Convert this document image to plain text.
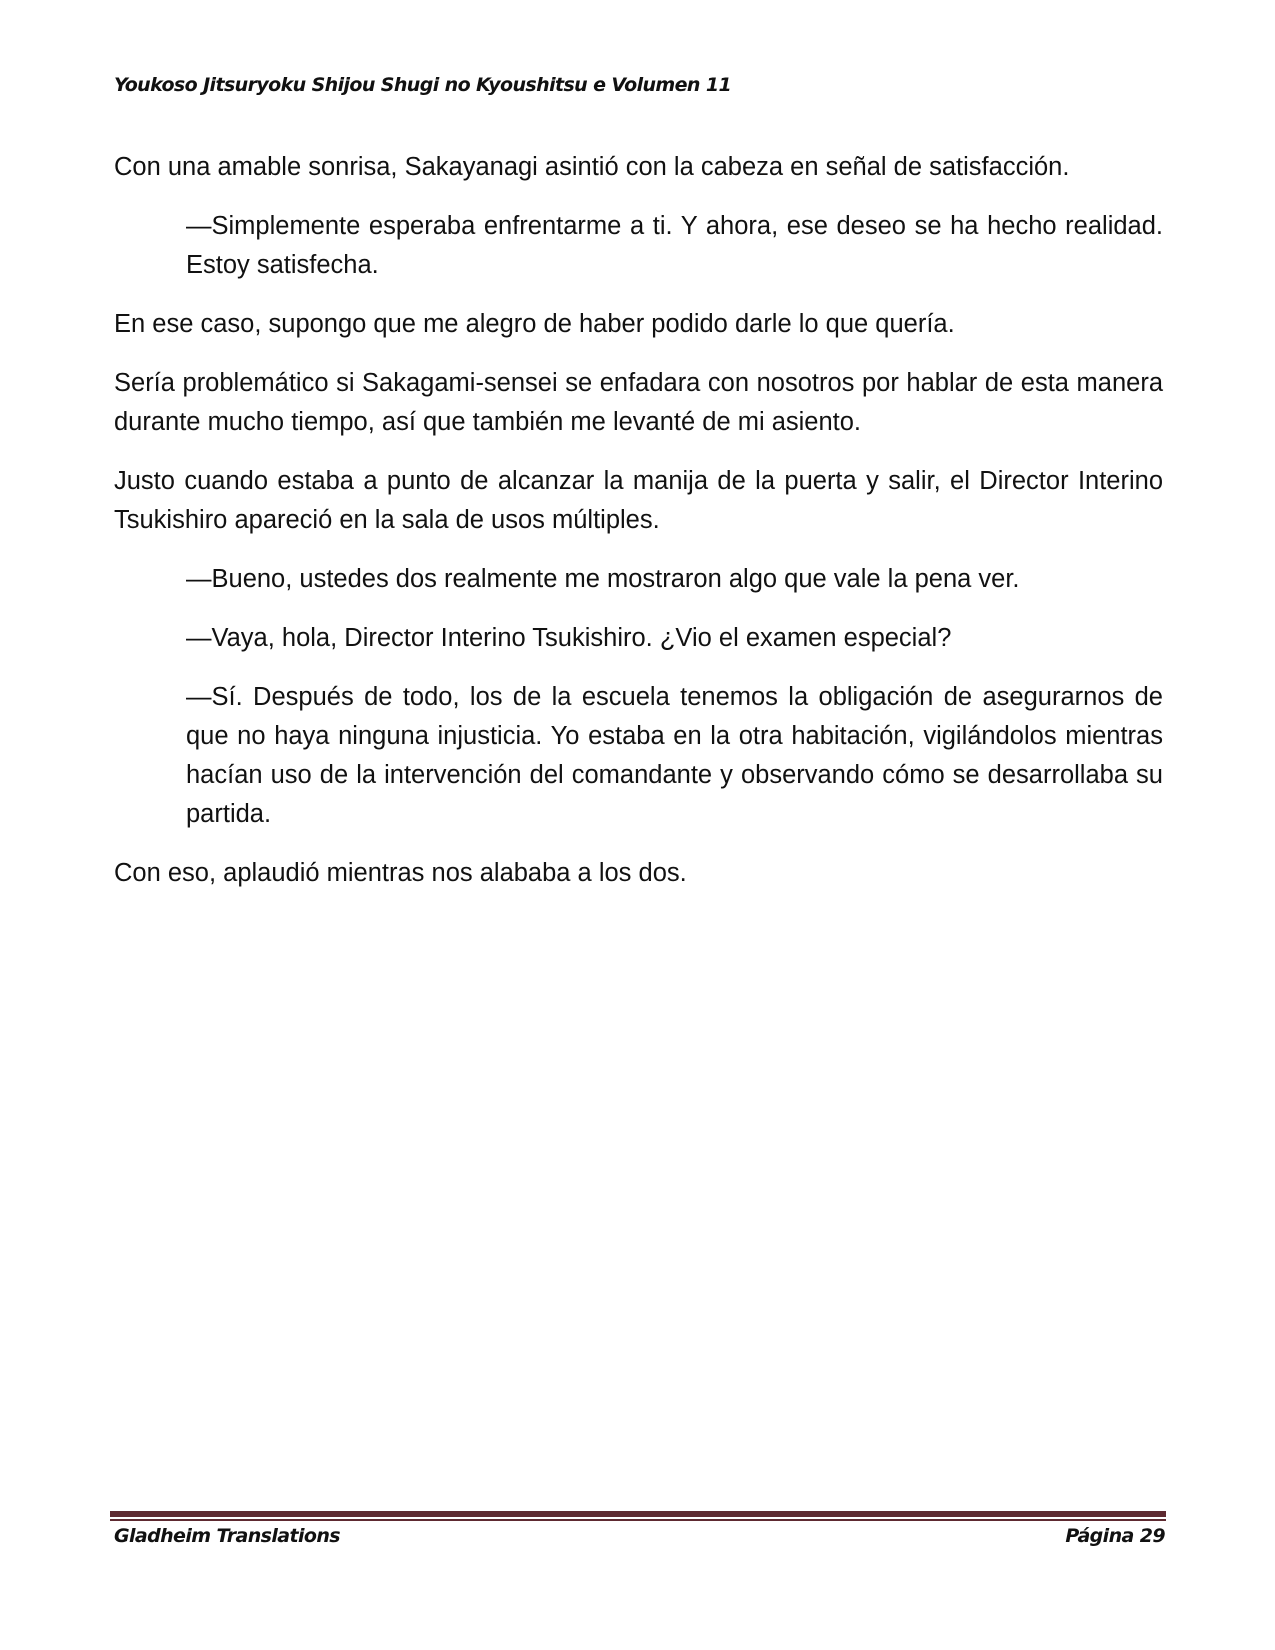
Youkoso Jitsuryoku Shijou Shugi no Kyoushitsu e Volumen 11

Con una amable sonrisa, Sakayanagi asintió con la cabeza en señal de satisfacción.

—Simplemente esperaba enfrentarme a ti. Y ahora, ese deseo se ha hecho realidad. Estoy satisfecha.

En ese caso, supongo que me alegro de haber podido darle lo que quería.

Sería problemático si Sakagami-sensei se enfadara con nosotros por hablar de esta manera durante mucho tiempo, así que también me levanté de mi asiento.

Justo cuando estaba a punto de alcanzar la manija de la puerta y salir, el Director Interino Tsukishiro apareció en la sala de usos múltiples.

—Bueno, ustedes dos realmente me mostraron algo que vale la pena ver.

—Vaya, hola, Director Interino Tsukishiro. ¿Vio el examen especial?

—Sí. Después de todo, los de la escuela tenemos la obligación de asegurarnos de que no haya ninguna injusticia. Yo estaba en la otra habitación, vigilándolos mientras hacían uso de la intervención del comandante y observando cómo se desarrollaba su partida.

Con eso, aplaudió mientras nos alababa a los dos.

Gladheim Translations	Página 29
